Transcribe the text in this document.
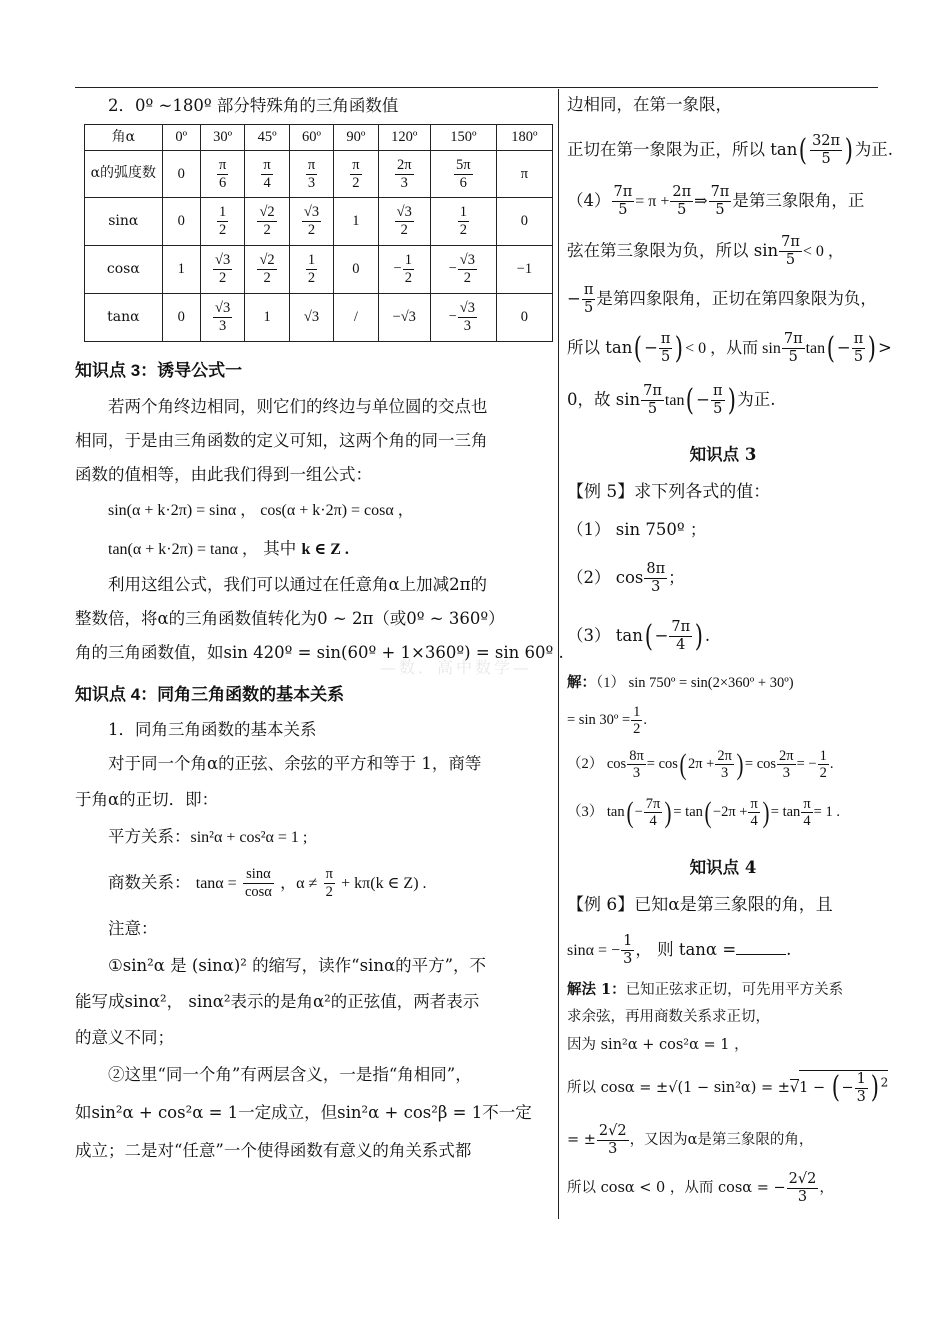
—数．高中数学—
2．0º ~180º 部分特殊角的三角函数值
角α	0º	30º	45º	60º	90º	120º	150º	180º
α的弧度数	0	$\frac{\pi}{6}$	$\frac{\pi}{4}$	$\frac{\pi}{3}$	$\frac{\pi}{2}$	$\frac{2\pi}{3}$	$\frac{5\pi}{6}$	π
sinα	0	$\frac{1}{2}$	$\frac{√2}{2}$	$\frac{√3}{2}$	1	$\frac{√3}{2}$	$\frac{1}{2}$	0
cosα	1	$\frac{√3}{2}$	$\frac{√2}{2}$	$\frac{1}{2}$	0	− $\frac{1}{2}$	− $\frac{√3}{2}$	−1
tanα	0	$\frac{√3}{3}$	1	√3	/	−√3	− $\frac{√3}{3}$	0
知识点 3：诱导公式一
若两个角终边相同，则它们的终边与单位圆的交点也
相同，于是由三角函数的定义可知，这两个角的同一三角
函数的值相等，由此我们得到一组公式：
sin(α + k·2π) = sinα ， cos(α + k·2π) = cosα ，
tan(α + k·2π) = tanα ， 其中 k ∈ Z .
利用这组公式，我们可以通过在任意角α上加减2π的
整数倍，将α的三角函数值转化为0 ~ 2π（或0º ~ 360º）
角的三角函数值，如sin 420º = sin(60º + 1×360º) = sin 60º .
知识点 4：同角三角函数的基本关系
1．同角三角函数的基本关系
对于同一个角α的正弦、余弦的平方和等于 1，商等
于角α的正切．即：
平方关系：sin²α + cos²α = 1 ;
商数关系： $\tan\alpha = \frac{\sin\alpha}{\cos\alpha}$ ，$\alpha \ne \frac{\pi}{2} + k\pi(k$ ∈ Z) .
注意：
①sin²α 是 (sinα)² 的缩写，读作“sinα的平方”，不
能写成sinα²， sinα²表示的是角α²的正弦值，两者表示
的意义不同；
②这里“同一个角”有两层含义，一是指“角相同”，
如sin²α + cos²α = 1一定成立，但sin²α + cos²β = 1不一定
成立；二是对“任意”一个使得函数有意义的角关系式都
边相同，在第一象限，
正切在第一象限为正，所以 $\tan( \frac{32\pi}{5}$ ) 为正.
$(4) \frac{7\pi}{5} = \pi + \frac{2\pi}{5}$ ⇒ $\frac{7\pi}{5}$ 是第三象限角，正
弦在第三象限为负，所以 $\sin \frac{7\pi}{5} < 0$ ，
− $\frac{\pi}{5}$ 是第四象限角，正切在第四象限为负，
所以 $\tan( - \frac{\pi}{5}$ ) < 0 ，从而 $\sin \frac{7\pi}{5} \tan( - \frac{\pi}{5}$ ) >
0，故 $\sin \frac{7\pi}{5} \tan( - \frac{\pi}{5}$ ) 为正.
知识点 3
【例 5】求下列各式的值：
（1） sin 750º ；
（2） $\cos \frac{8\pi}{3}$ ；
（3） $\tan( - \frac{7\pi}{4}$ ) .
解：（1） sin 750º = sin(2×360º + 30º)
= sin 30º = $\frac{1}{2}$ .
（2） $\cos \frac{8\pi}{3} = \cos$( $2\pi + \frac{2\pi}{3}$ ) = $\cos \frac{2\pi}{3}$ = − $\frac{1}{2}$ .
（3） $\tan( - \frac{7\pi}{4}$ ) = $\tan( -2\pi + \frac{\pi}{4}$ ) = $\tan \frac{\pi}{4} = 1$ .
知识点 4
【例 6】已知α是第三象限的角，且
sinα = − $\frac{1}{3}$ ， 则 tanα =	.
解法 1：已知正弦求正切，可先用平方关系
求余弦，再用商数关系求正切，
因为 sin²α + cos²α = 1 ，
所以 cosα = ±√(1 − sin²α) = ±√1 − ( − $\frac{1}{3}$ ) $^2$
= ± $\frac{2√2}{3}$ ，又因为α是第三象限的角，
所以 cosα < 0 ，从而 cosα = − $\frac{2√2}{3}$ ，
